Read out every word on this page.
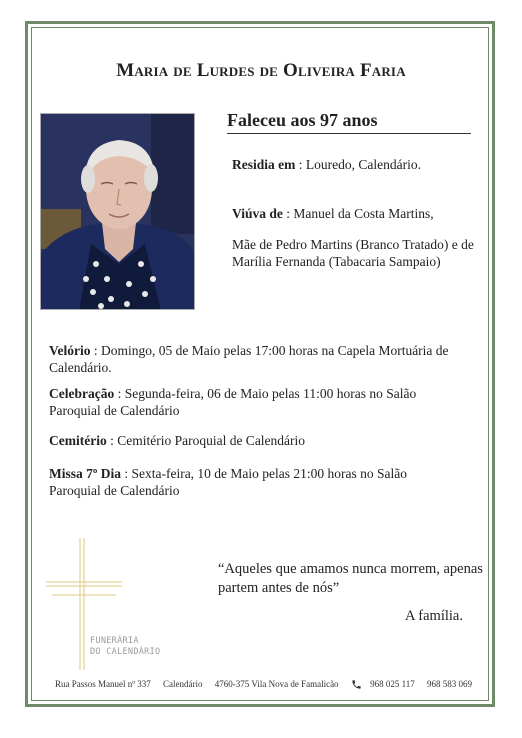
Maria de Lurdes de Oliveira Faria
Faleceu aos 97 anos
Residia em : Louredo, Calendário.
Viúva de : Manuel da Costa Martins,
Mãe de Pedro Martins (Branco Tratado) e de Marília Fernanda (Tabacaria Sampaio)
Velório : Domingo, 05 de Maio pelas 17:00 horas na Capela Mortuária de Calendário.
Celebração : Segunda-feira, 06 de Maio pelas 11:00 horas no Salão Paroquial de Calendário
Cemitério : Cemitério Paroquial de Calendário
Missa 7º Dia : Sexta-feira, 10 de Maio pelas 21:00 horas no Salão Paroquial de Calendário
FUNERÁRIA
DO CALENDÁRIO
“Aqueles que amamos nunca morrem, apenas partem antes de nós”
A família.
Rua Passos Manuel nº 337 Calendário 4760-375 Vila Nova de Famalicão	968 025 117 968 583 069
